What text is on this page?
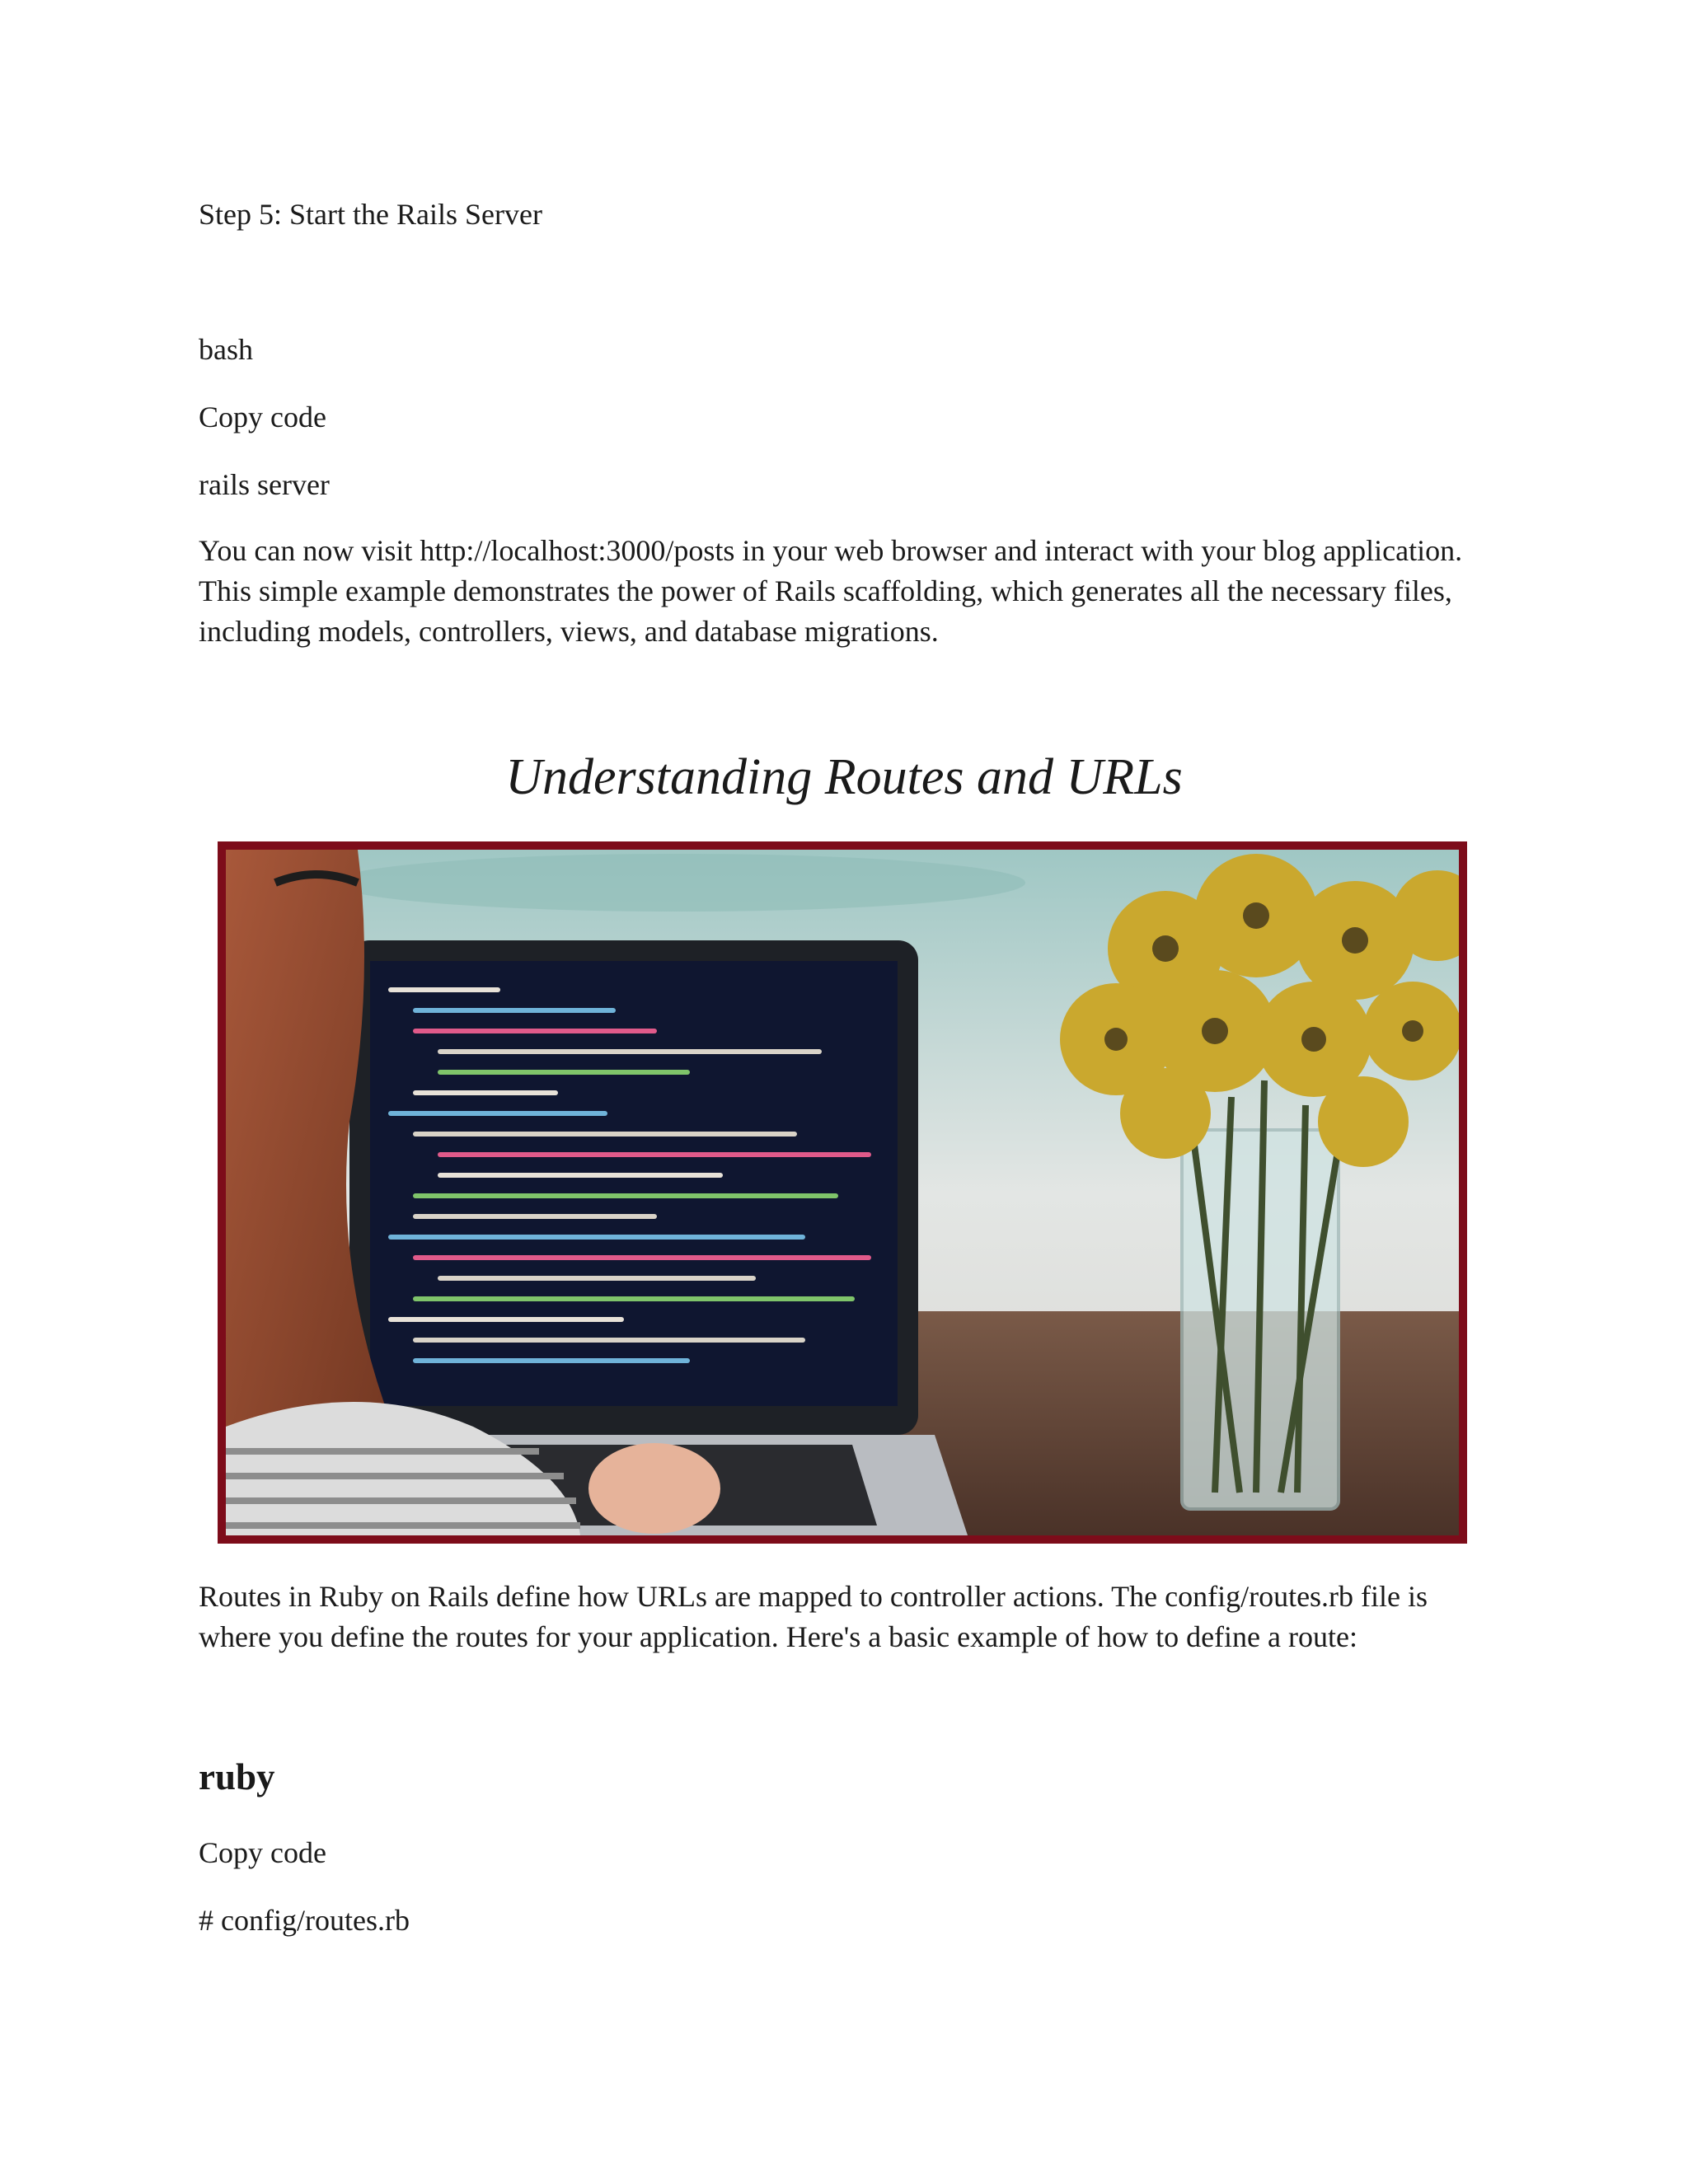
Step 5: Start the Rails Server

bash

Copy code

rails server

You can now visit http://localhost:3000/posts in your web browser and interact with your blog application. This simple example demonstrates the power of Rails scaffolding, which generates all the necessary files, including models, controllers, views, and database migrations.

Understanding Routes and URLs

Routes in Ruby on Rails define how URLs are mapped to controller actions. The config/routes.rb file is where you define the routes for your application. Here's a basic example of how to define a route:

ruby

Copy code

# config/routes.rb
